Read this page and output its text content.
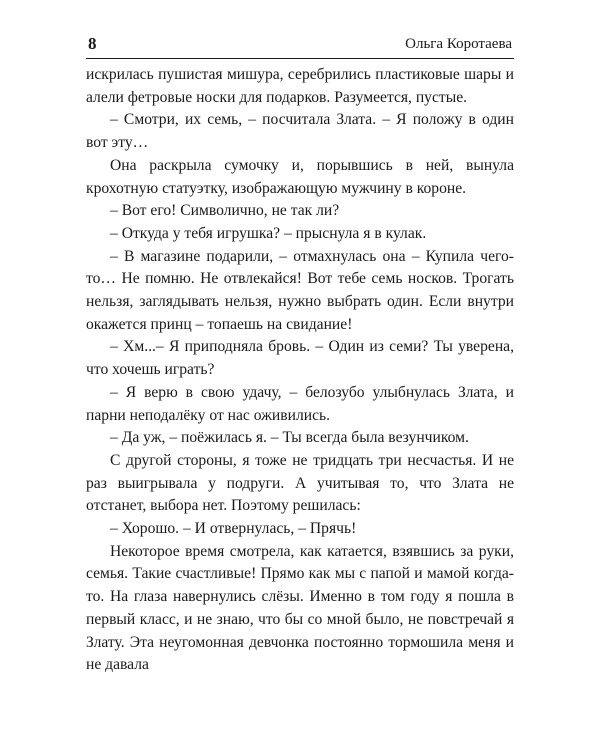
8	Ольга Коротаева

искрилась пушистая мишура, серебрились пластиковые шары и алели фетровые носки для подарков. Разумеется, пустые.

– Смотри, их семь, – посчитала Злата. – Я положу в один вот эту…

Она раскрыла сумочку и, порывшись в ней, вынула крохотную статуэтку, изображающую мужчину в короне.

– Вот его! Символично, не так ли?

– Откуда у тебя игрушка? – прыснула я в кулак.

– В магазине подарили, – отмахнулась она – Купила чего-то… Не помню. Не отвлекайся! Вот тебе семь носков. Трогать нельзя, заглядывать нельзя, нужно выбрать один. Если внутри окажется принц – топаешь на свидание!

– Хм...– Я приподняла бровь. – Один из семи? Ты уверена, что хочешь играть?

– Я верю в свою удачу, – белозубо улыбнулась Злата, и парни неподалёку от нас оживились.

– Да уж, – поёжилась я. – Ты всегда была везунчиком.

С другой стороны, я тоже не тридцать три несчастья. И не раз выигрывала у подруги. А учитывая то, что Злата не отстанет, выбора нет. Поэтому решилась:

– Хорошо. – И отвернулась, – Прячь!

Некоторое время смотрела, как катается, взявшись за руки, семья. Такие счастливые! Прямо как мы с папой и мамой когда-то. На глаза навернулись слёзы. Именно в том году я пошла в первый класс, и не знаю, что бы со мной было, не повстречай я Злату. Эта неугомонная девчонка постоянно тормошила меня и не давала
